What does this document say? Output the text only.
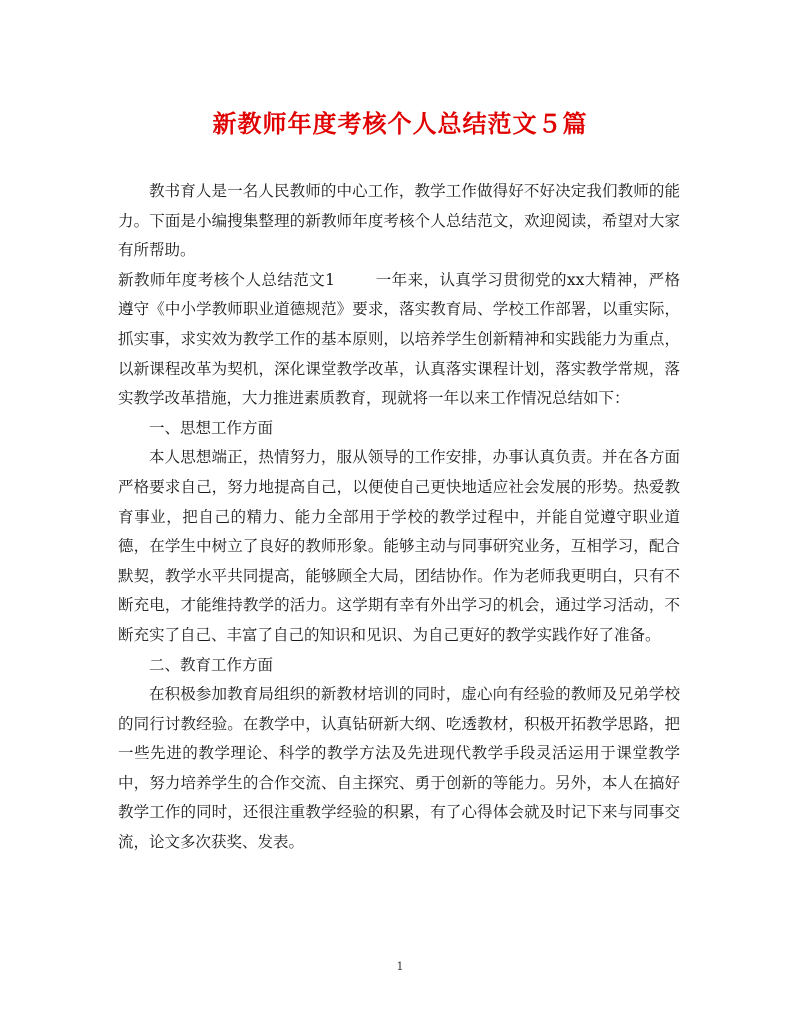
新教师年度考核个人总结范文５篇

教书育人是一名人民教师的中心工作，教学工作做得好不好决定我们教师的能力。下面是小编搜集整理的新教师年度考核个人总结范文，欢迎阅读，希望对大家有所帮助。

新教师年度考核个人总结范文1	一年来，认真学习贯彻党的xx大精神，严格遵守《中小学教师职业道德规范》要求，落实教育局、学校工作部署，以重实际，抓实事，求实效为教学工作的基本原则，以培养学生创新精神和实践能力为重点，以新课程改革为契机，深化课堂教学改革，认真落实课程计划，落实教学常规，落实教学改革措施，大力推进素质教育，现就将一年以来工作情况总结如下：

一、思想工作方面

本人思想端正，热情努力，服从领导的工作安排，办事认真负责。并在各方面严格要求自己，努力地提高自己，以便使自己更快地适应社会发展的形势。热爱教育事业，把自己的精力、能力全部用于学校的教学过程中，并能自觉遵守职业道德，在学生中树立了良好的教师形象。能够主动与同事研究业务，互相学习，配合默契，教学水平共同提高，能够顾全大局，团结协作。作为老师我更明白，只有不断充电，才能维持教学的活力。这学期有幸有外出学习的机会，通过学习活动，不断充实了自己、丰富了自己的知识和见识、为自己更好的教学实践作好了准备。

二、教育工作方面

在积极参加教育局组织的新教材培训的同时，虚心向有经验的教师及兄弟学校的同行讨教经验。在教学中，认真钻研新大纲、吃透教材，积极开拓教学思路，把一些先进的教学理论、科学的教学方法及先进现代教学手段灵活运用于课堂教学中，努力培养学生的合作交流、自主探究、勇于创新的等能力。另外，本人在搞好教学工作的同时，还很注重教学经验的积累，有了心得体会就及时记下来与同事交流，论文多次获奖、发表。

1
